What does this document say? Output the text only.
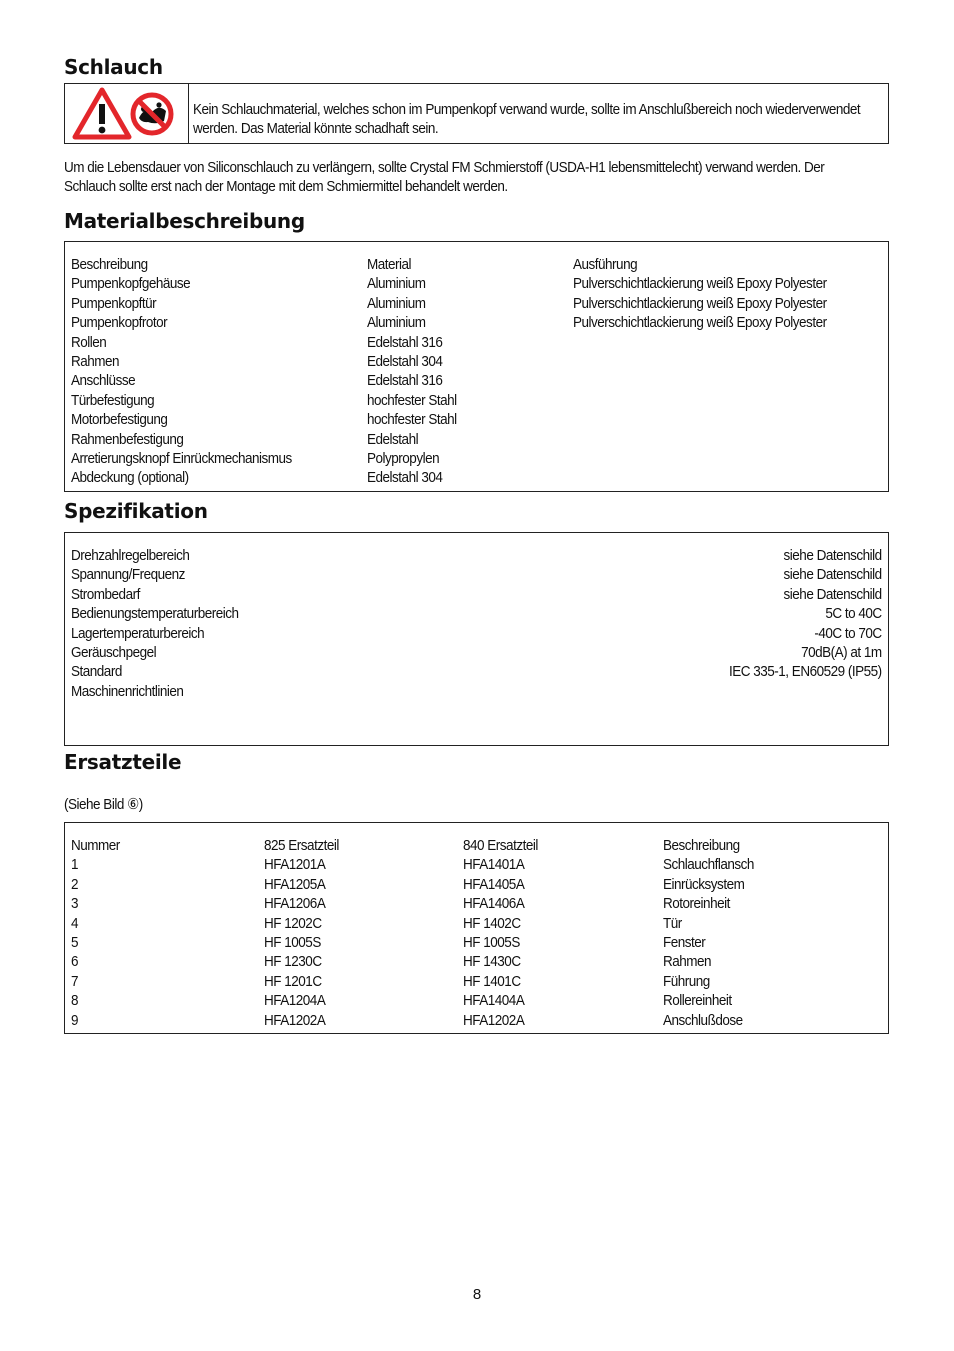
Schlauch
Kein Schlauchmaterial, welches schon im Pumpenkopf verwand wurde, sollte im Anschlußbereich noch wiederverwendet
werden. Das Material könnte schadhaft sein.
Um die Lebensdauer von Siliconschlauch zu verlängern, sollte Crystal FM Schmierstoff (USDA-H1 lebensmittelecht) verwand werden. Der
Schlauch sollte erst nach der Montage mit dem Schmiermittel behandelt werden.
Materialbeschreibung
Beschreibung
Pumpenkopfgehäuse
Pumpenkopftür
Pumpenkopfrotor
Rollen
Rahmen
Anschlüsse
Türbefestigung
Motorbefestigung
Rahmenbefestigung
Arretierungsknopf Einrückmechanismus
Abdeckung (optional)
Material
Aluminium
Aluminium
Aluminium
Edelstahl 316
Edelstahl 304
Edelstahl 316
hochfester Stahl
hochfester Stahl
Edelstahl
Polypropylen
Edelstahl 304
Ausführung
Pulverschichtlackierung weiß Epoxy Polyester
Pulverschichtlackierung weiß Epoxy Polyester
Pulverschichtlackierung weiß Epoxy Polyester
Spezifikation
Drehzahlregelbereich
Spannung/Frequenz
Strombedarf
Bedienungstemperaturbereich
Lagertemperaturbereich
Geräuschpegel
Standard
Maschinenrichtlinien
siehe Datenschild
siehe Datenschild
siehe Datenschild
5C to 40C
-40C to 70C
70dB(A) at 1m
IEC 335-1, EN60529 (IP55)
Ersatzteile
(Siehe Bild ⑥)
Nummer
1
2
3
4
5
6
7
8
9
825 Ersatzteil
HFA1201A
HFA1205A
HFA1206A
HF 1202C
HF 1005S
HF 1230C
HF 1201C
HFA1204A
HFA1202A
840 Ersatzteil
HFA1401A
HFA1405A
HFA1406A
HF 1402C
HF 1005S
HF 1430C
HF 1401C
HFA1404A
HFA1202A
Beschreibung
Schlauchflansch
Einrücksystem
Rotoreinheit
Tür
Fenster
Rahmen
Führung
Rollereinheit
Anschlußdose
8
